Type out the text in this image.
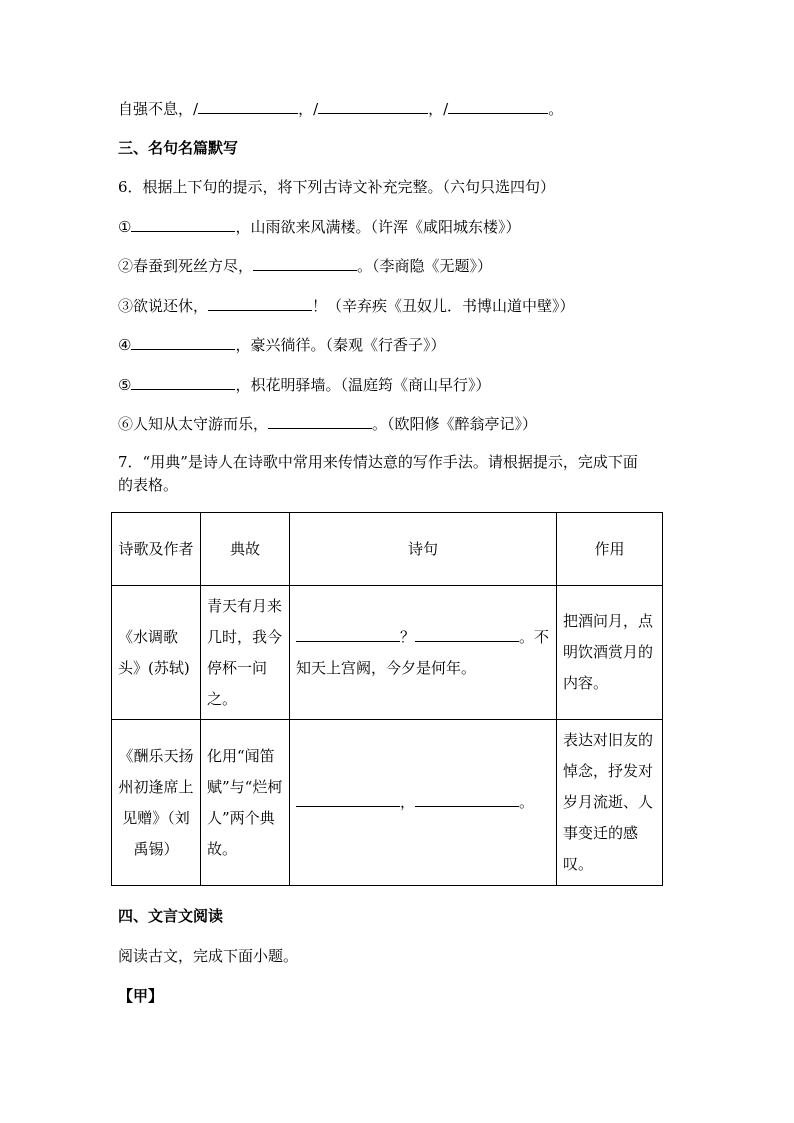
自强不息，/	，/	，/	。
三、名句名篇默写
6．根据上下句的提示，将下列古诗文补充完整。（六句只选四句）
①	，山雨欲来风满楼。（许浑《咸阳城东楼》）
②春蚕到死丝方尽，	。（李商隐《无题》）
③欲说还休，	！（辛弃疾《丑奴儿．书博山道中壁》）
④	，豪兴徜徉。（秦观《行香子》）
⑤	，枳花明驿墙。（温庭筠《商山早行》）
⑥人知从太守游而乐，	。（欧阳修《醉翁亭记》）
7．“用典”是诗人在诗歌中常用来传情达意的写作手法。请根据提示，完成下面
的表格。
诗歌及作者	典故	诗句	作用
《水调歌头》(苏轼)	青天有月来几时，我今停杯一问之。	？ 。不知天上宫阙，今夕是何年。	把酒问月，点明饮酒赏月的内容。
《酬乐天扬州初逢席上见赠》（刘禹锡）	化用“闻笛赋”与“烂柯人”两个典故。	， 。	表达对旧友的悼念，抒发对岁月流逝、人事变迁的感叹。
四、文言文阅读
阅读古文，完成下面小题。
【甲】
